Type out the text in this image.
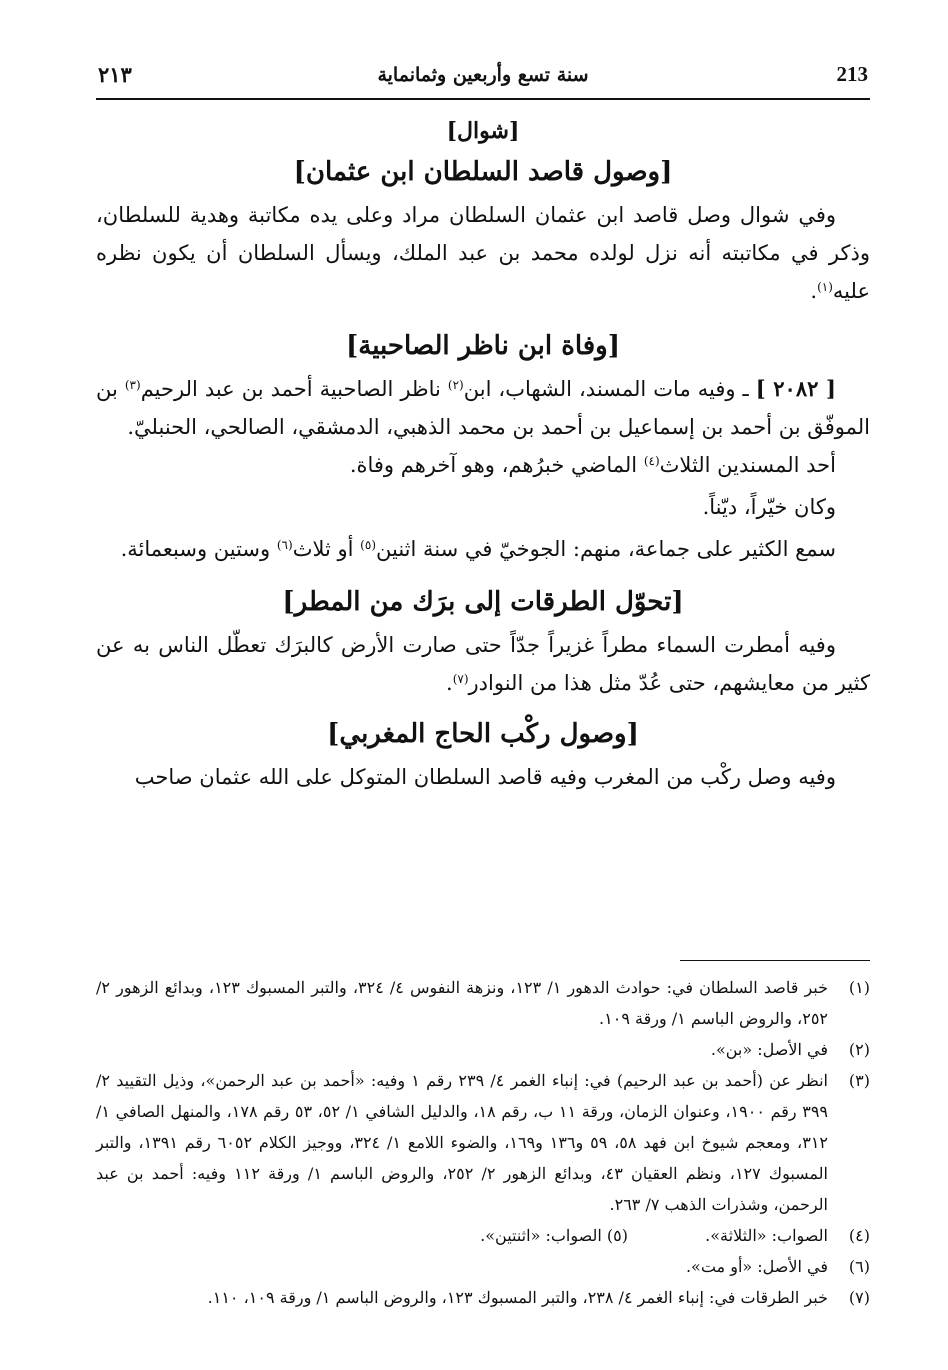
٢١٣	سنة تسع وأربعين وثمانماية	213

[شوال]

[وصول قاصد السلطان ابن عثمان]

وفي شوال وصل قاصد ابن عثمان السلطان مراد وعلى يده مكاتبة وهدية للسلطان، وذكر في مكاتبته أنه نزل لولده محمد بن عبد الملك، ويسأل السلطان أن يكون نظره عليه$^{(١)}$.

[وفاة ابن ناظر الصاحبية]

[ ٢٠٨٢ ] ـ وفيه مات المسند، الشهاب، ابن$^{(٢)}$ ناظر الصاحبية أحمد بن عبد الرحيم$^{(٣)}$ بن الموفّق بن أحمد بن إسماعيل بن أحمد بن محمد الذهبي، الدمشقي، الصالحي، الحنبليّ.

أحد المسندين الثلاث$^{(٤)}$ الماضي خبرُهم، وهو آخرهم وفاة.

وكان خيّراً، ديّناً.

سمع الكثير على جماعة، منهم: الجوخيّ في سنة اثنين$^{(٥)}$ أو ثلاث$^{(٦)}$ وستين وسبعمائة.

[تحوّل الطرقات إلى برَك من المطر]

وفيه أمطرت السماء مطراً غزيراً جدّاً حتى صارت الأرض كالبرَك تعطّل الناس به عن كثير من معايشهم، حتى عُدّ مثل هذا من النوادر$^{(٧)}$.

[وصول ركْب الحاج المغربي]

وفيه وصل ركْب من المغرب وفيه قاصد السلطان المتوكل على الله عثمان صاحب

(١)
خبر قاصد السلطان في: حوادث الدهور ١/ ١٢٣، ونزهة النفوس ٤/ ٣٢٤، والتبر المسبوك ١٢٣، وبدائع الزهور ٢/ ٢٥٢، والروض الباسم ١/ ورقة ١٠٩.
(٢)
في الأصل: «بن».
(٣)
انظر عن (أحمد بن عبد الرحيم) في: إنباء الغمر ٤/ ٢٣٩ رقم ١ وفيه: «أحمد بن عبد الرحمن»، وذيل التقييد ٢/ ٣٩٩ رقم ١٩٠٠، وعنوان الزمان، ورقة ١١ ب، رقم ١٨، والدليل الشافي ١/ ٥٢، ٥٣ رقم ١٧٨، والمنهل الصافي ١/ ٣١٢، ومعجم شيوخ ابن فهد ٥٨، ٥٩ و١٣٦ و١٦٩، والضوء اللامع ١/ ٣٢٤، ووجيز الكلام ٦٠٥٢ رقم ١٣٩١، والتبر المسبوك ١٢٧، ونظم العقيان ٤٣، وبدائع الزهور ٢/ ٢٥٢، والروض الباسم ١/ ورقة ١١٢ وفيه: أحمد بن عبد الرحمن، وشذرات الذهب ٧/ ٢٦٣.
(٤)
الصواب: «الثلاثة».
(٥)

الصواب: «اثنتين».
(٦)
في الأصل: «أو مت».
(٧)
خبر الطرقات في: إنباء الغمر ٤/ ٢٣٨، والتبر المسبوك ١٢٣، والروض الباسم ١/ ورقة ١٠٩، ١١٠.
